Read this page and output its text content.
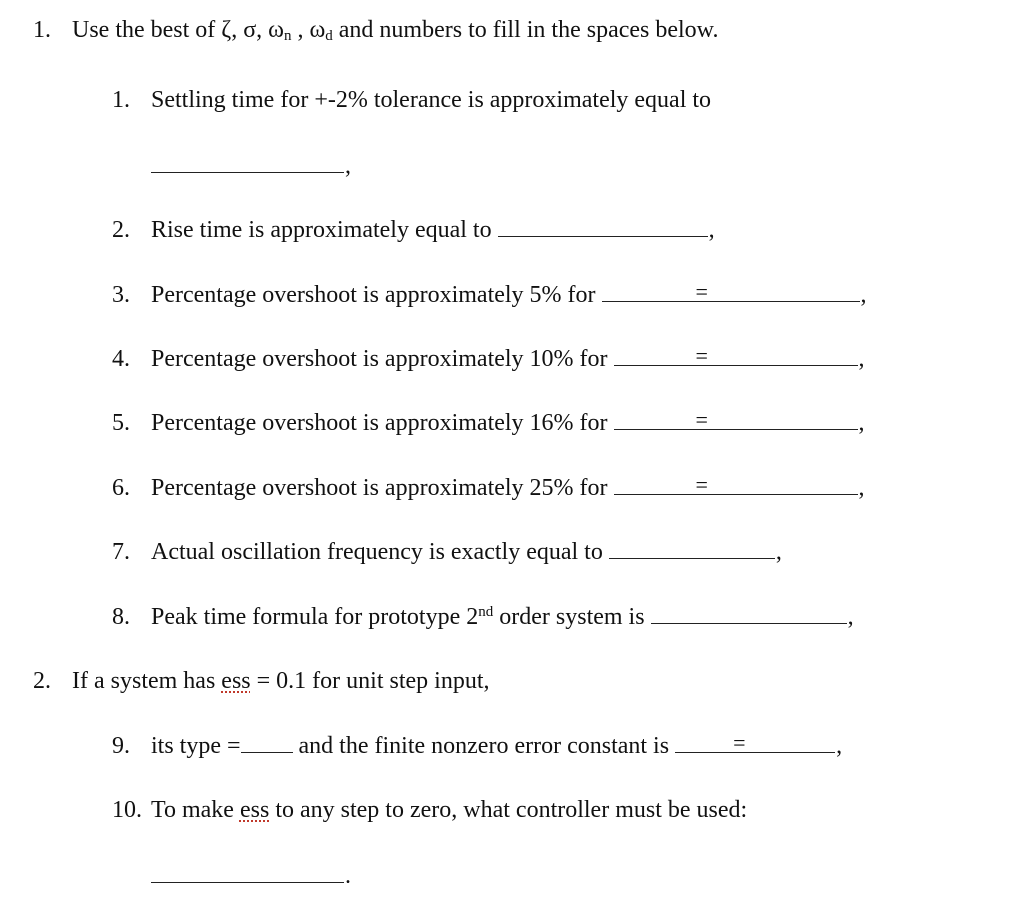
1. Use the best of ζ, σ, $\omega_n$ , $\omega_d$ and numbers to fill in the spaces below.
1. Settling time for +-2% tolerance is approximately equal to
,
2. Rise time is approximately equal to	,
3. Percentage overshoot is approximately 5% for	=	,
4. Percentage overshoot is approximately 10% for	=	,
5. Percentage overshoot is approximately 16% for	=	,
6. Percentage overshoot is approximately 25% for	=	,
7. Actual oscillation frequency is exactly equal to	,
8. Peak time formula for prototype 2nd order system is	,
2. If a system has ess = 0.1 for unit step input,
9. its type = and the finite nonzero error constant is	=	,
10. To make ess to any step to zero, what controller must be used:
.
